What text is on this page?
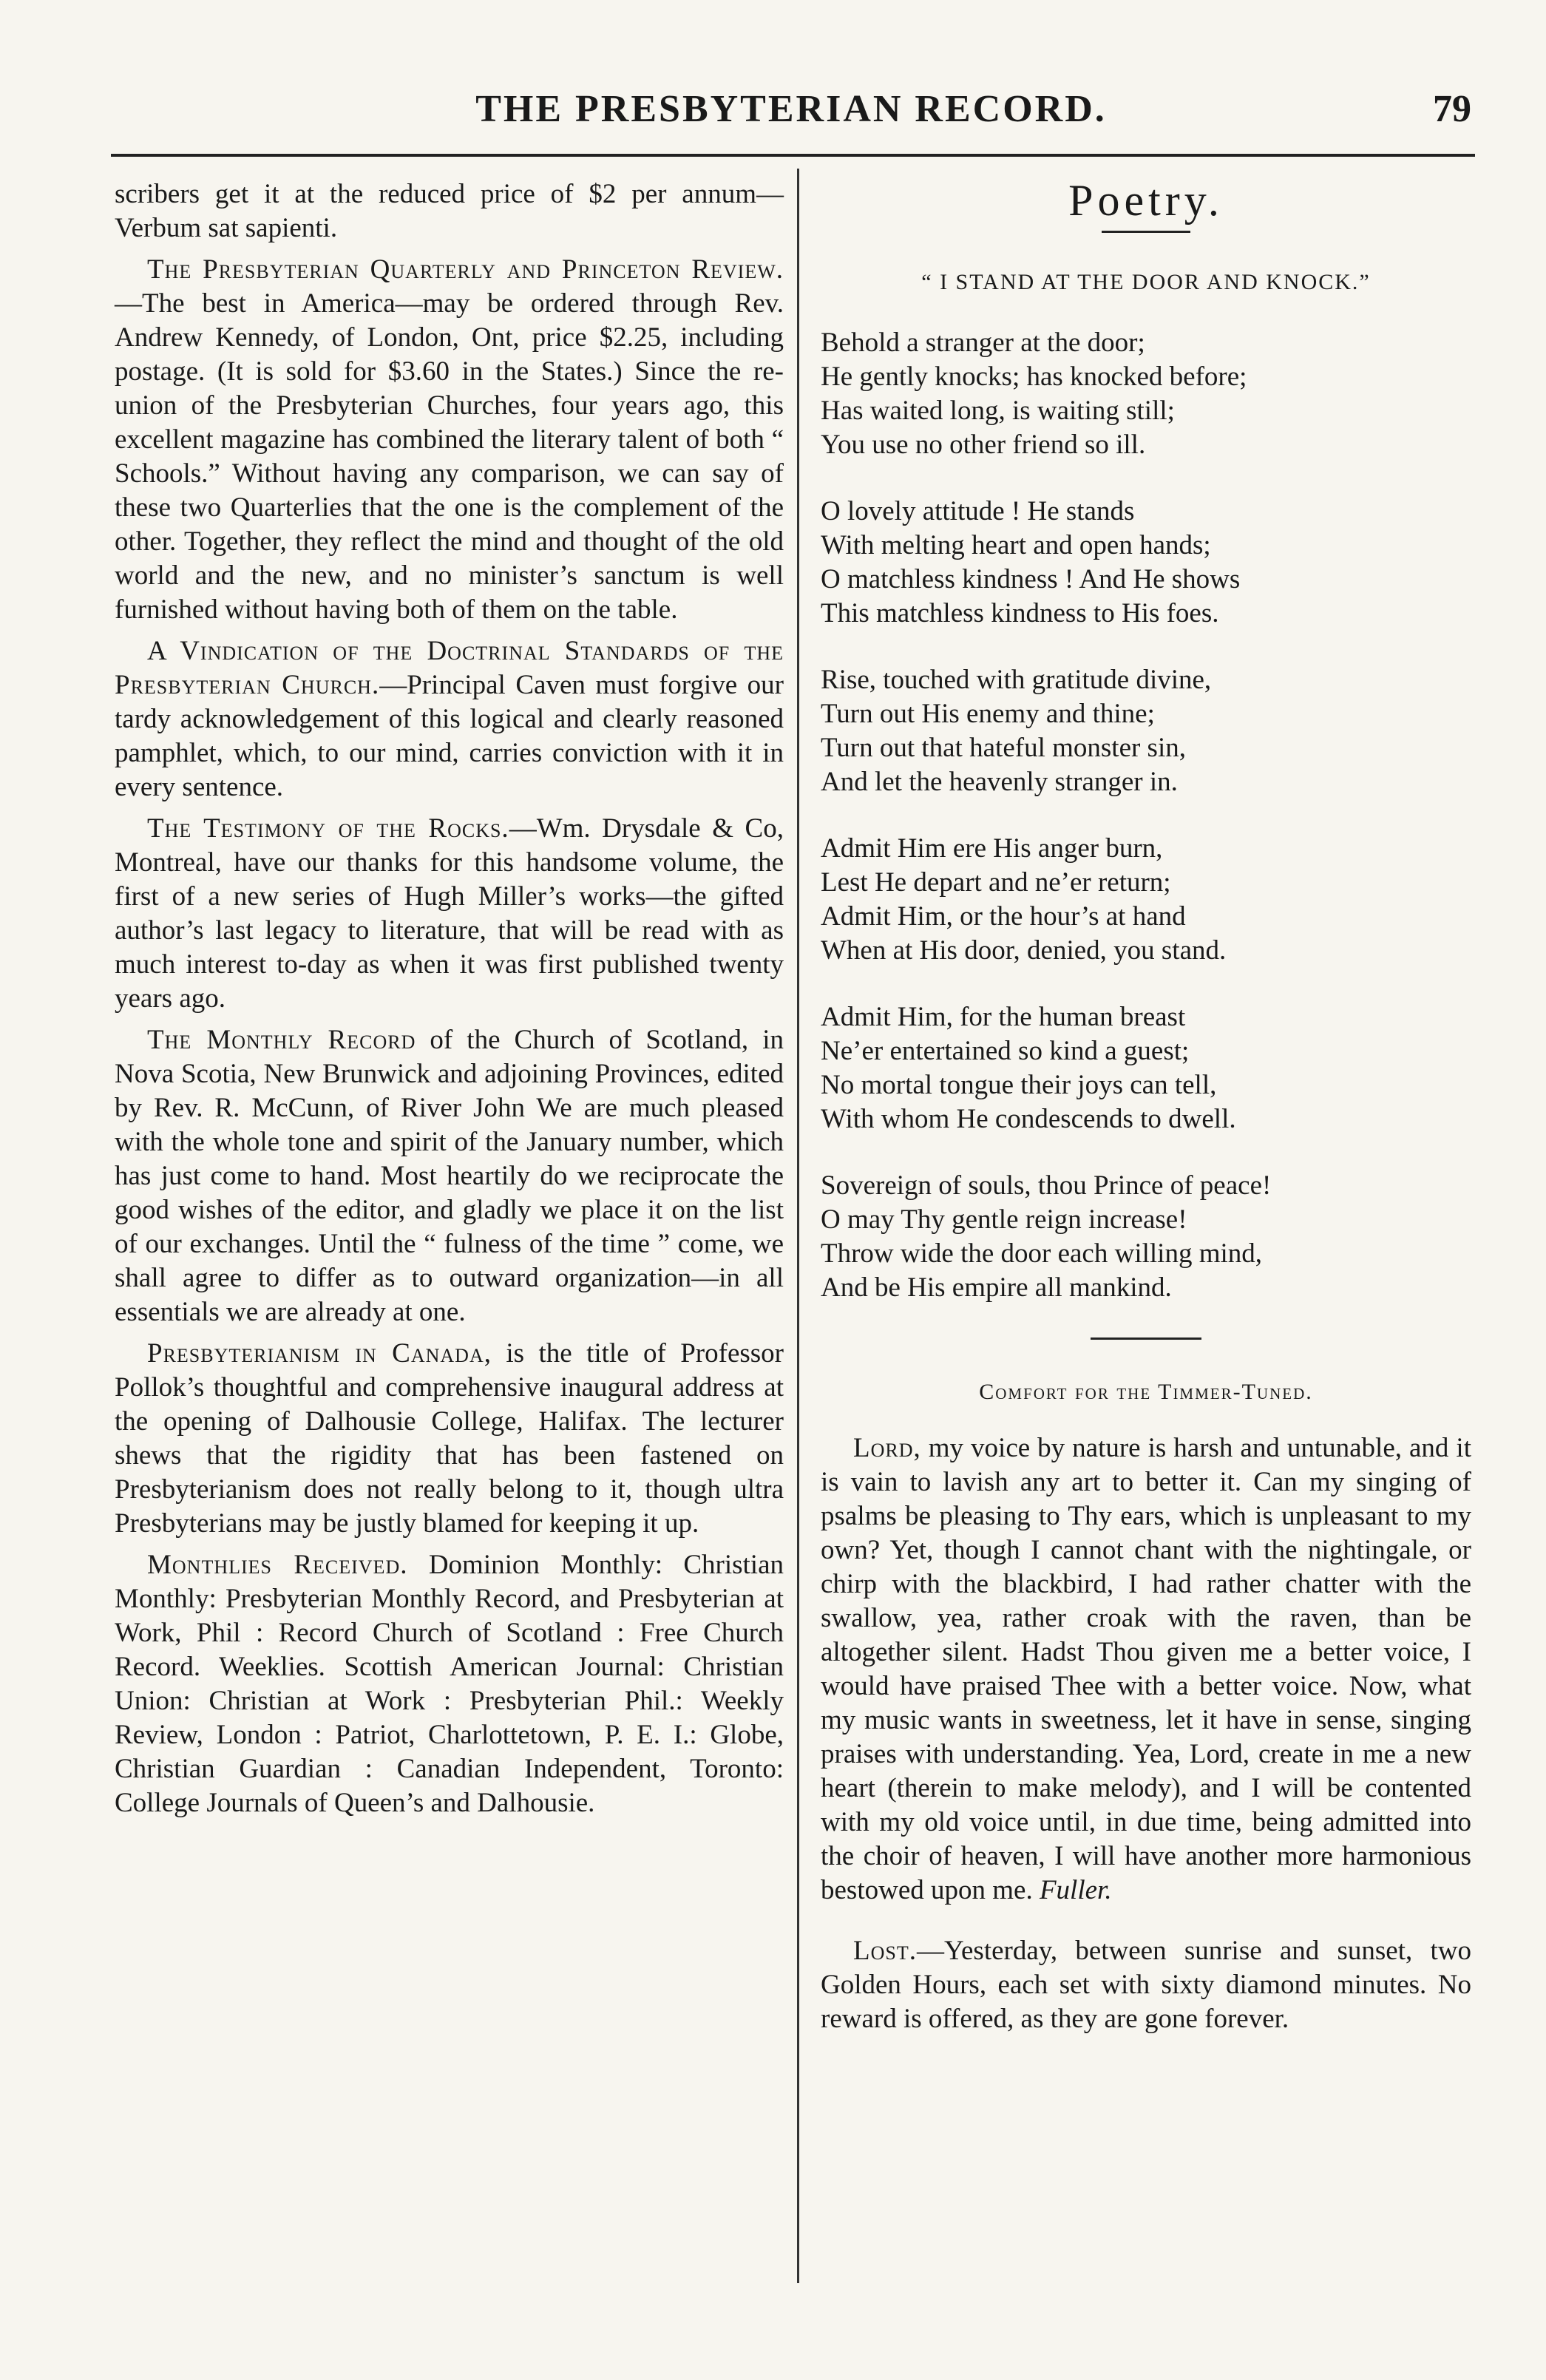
THE PRESBYTERIAN RECORD.	79

scribers get it at the reduced price of $2 per annum—Verbum sat sapienti.

The Presbyterian Quarterly and Princeton Review.—The best in America—may be ordered through Rev. Andrew Kennedy, of London, Ont, price $2.25, including postage. (It is sold for $3.60 in the States.) Since the re-union of the Presbyterian Churches, four years ago, this excellent magazine has combined the literary talent of both “ Schools.” Without having any comparison, we can say of these two Quarterlies that the one is the complement of the other. Together, they reflect the mind and thought of the old world and the new, and no minister’s sanctum is well furnished without having both of them on the table.

A Vindication of the Doctrinal Standards of the Presbyterian Church.—Principal Caven must forgive our tardy acknowledgement of this logical and clearly reasoned pamphlet, which, to our mind, carries conviction with it in every sentence.

The Testimony of the Rocks.—Wm. Drysdale & Co, Montreal, have our thanks for this handsome volume, the first of a new series of Hugh Miller’s works—the gifted author’s last legacy to literature, that will be read with as much interest to-day as when it was first published twenty years ago.

The Monthly Record of the Church of Scotland, in Nova Scotia, New Brunwick and adjoining Provinces, edited by Rev. R. McCunn, of River John We are much pleased with the whole tone and spirit of the January number, which has just come to hand. Most heartily do we reciprocate the good wishes of the editor, and gladly we place it on the list of our exchanges. Until the “ fulness of the time ” come, we shall agree to differ as to outward organization—in all essentials we are already at one.

Presbyterianism in Canada, is the title of Professor Pollok’s thoughtful and comprehensive inaugural address at the opening of Dalhousie College, Halifax. The lecturer shews that the rigidity that has been fastened on Presbyterianism does not really belong to it, though ultra Presbyterians may be justly blamed for keeping it up.

Monthlies Received. Dominion Monthly: Christian Monthly: Presbyterian Monthly Record, and Presbyterian at Work, Phil : Record Church of Scotland : Free Church Record. Weeklies. Scottish American Journal: Christian Union: Christian at Work : Presbyterian Phil.: Weekly Review, London : Patriot, Charlottetown, P. E. I.: Globe, Christian Guardian : Canadian Independent, Toronto: College Journals of Queen’s and Dalhousie.

Poetry.
“ I STAND AT THE DOOR AND KNOCK.”
Behold a stranger at the door;
He gently knocks; has knocked before;
Has waited long, is waiting still;
You use no other friend so ill.
O lovely attitude ! He stands
With melting heart and open hands;
O matchless kindness ! And He shows
This matchless kindness to His foes.
Rise, touched with gratitude divine,
Turn out His enemy and thine;
Turn out that hateful monster sin,
And let the heavenly stranger in.
Admit Him ere His anger burn,
Lest He depart and ne’er return;
Admit Him, or the hour’s at hand
When at His door, denied, you stand.
Admit Him, for the human breast
Ne’er entertained so kind a guest;
No mortal tongue their joys can tell,
With whom He condescends to dwell.
Sovereign of souls, thou Prince of peace!
O may Thy gentle reign increase!
Throw wide the door each willing mind,
And be His empire all mankind.
Comfort for the Timmer-Tuned.

Lord, my voice by nature is harsh and untunable, and it is vain to lavish any art to better it. Can my singing of psalms be pleasing to Thy ears, which is unpleasant to my own? Yet, though I cannot chant with the nightingale, or chirp with the blackbird, I had rather chatter with the swallow, yea, rather croak with the raven, than be altogether silent. Hadst Thou given me a better voice, I would have praised Thee with a better voice. Now, what my music wants in sweetness, let it have in sense, singing praises with understanding. Yea, Lord, create in me a new heart (therein to make melody), and I will be contented with my old voice until, in due time, being admitted into the choir of heaven, I will have another more harmonious bestowed upon me. Fuller.

Lost.—Yesterday, between sunrise and sunset, two Golden Hours, each set with sixty diamond minutes. No reward is offered, as they are gone forever.
